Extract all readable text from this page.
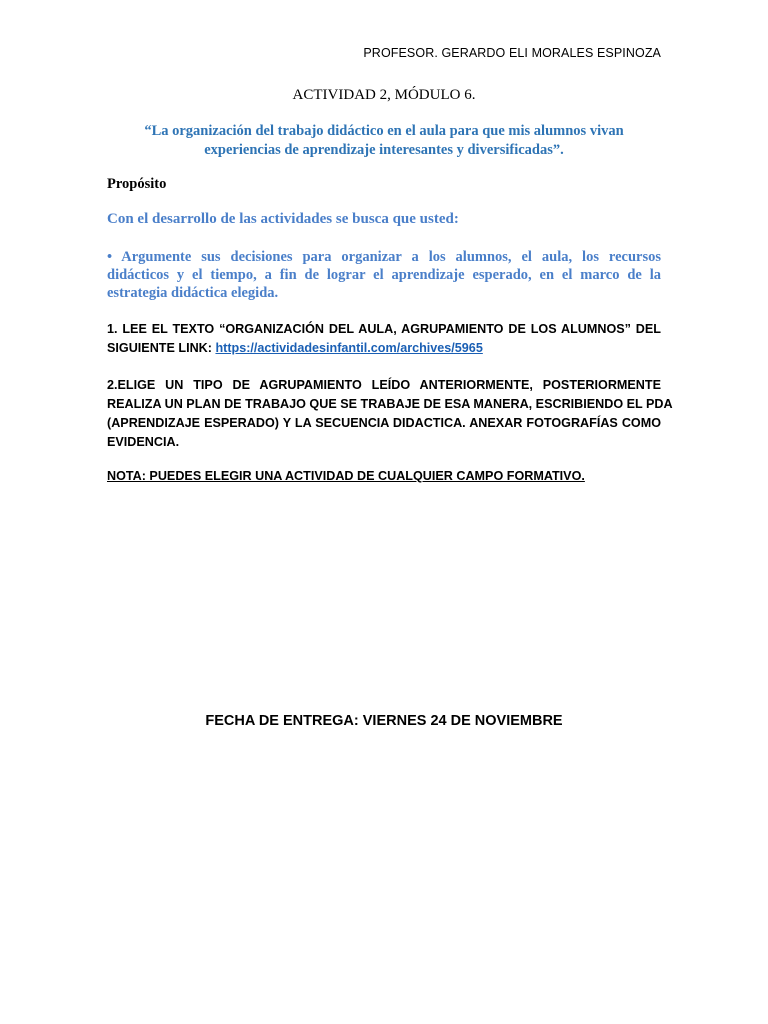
PROFESOR. GERARDO ELI MORALES ESPINOZA
ACTIVIDAD 2, MÓDULO 6.
“La organización del trabajo didáctico en el aula para que mis alumnos vivan
experiencias de aprendizaje interesantes y diversificadas”.
Propósito
Con el desarrollo de las actividades se busca que usted:
• Argumente sus decisiones para organizar a los alumnos, el aula, los recursos
didácticos y el tiempo, a fin de lograr el aprendizaje esperado, en el marco de la
estrategia didáctica elegida.
1. LEE EL TEXTO “ORGANIZACIÓN DEL AULA, AGRUPAMIENTO DE LOS ALUMNOS” DEL
SIGUIENTE LINK: https://actividadesinfantil.com/archives/5965
2.ELIGE UN TIPO DE AGRUPAMIENTO LEÍDO ANTERIORMENTE, POSTERIORMENTE
REALIZA UN PLAN DE TRABAJO QUE SE TRABAJE DE ESA MANERA, ESCRIBIENDO EL PDA
(APRENDIZAJE ESPERADO) Y LA SECUENCIA DIDACTICA. ANEXAR FOTOGRAFÍAS COMO
EVIDENCIA.
NOTA: PUEDES ELEGIR UNA ACTIVIDAD DE CUALQUIER CAMPO FORMATIVO.
FECHA DE ENTREGA: VIERNES 24 DE NOVIEMBRE
